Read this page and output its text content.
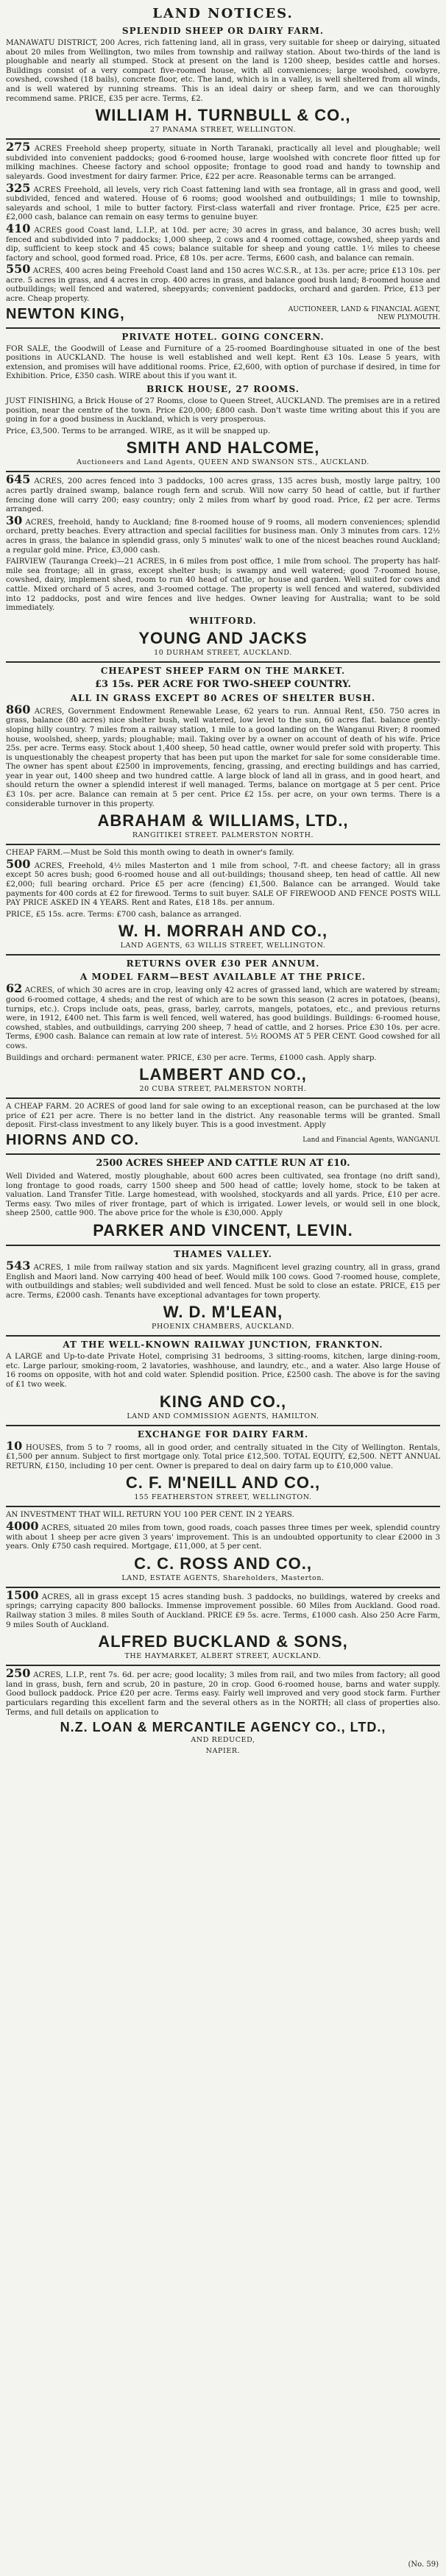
LAND NOTICES.
SPLENDID SHEEP OR DAIRY FARM.
MANAWATU DISTRICT, 200 Acres, rich fattening land, all in grass, very suitable for sheep or dairying, situated about 20 miles from Wellington, two miles from township and railway station. About two-thirds of the land is ploughable and nearly all stumped. Stock at present on the land is 1200 sheep, besides cattle and horses. Buildings consist of a very compact five-roomed house, with all conveniences; large woolshed, cowbyre, cowshed, cowshed (18 bails), concrete floor, etc. The land, which is in a valley, is well sheltered from all winds, and is well watered by running streams. This is an ideal dairy or sheep farm, and we can thoroughly recommend same. PRICE, £35 per acre. Terms, £2.
WILLIAM H. TURNBULL & CO.,
27 PANAMA STREET, WELLINGTON.
275 ACRES Freehold sheep property, situate in North Taranaki, practically all level and ploughable; well subdivided into convenient paddocks; good 6-roomed house, large woolshed with concrete floor fitted up for milking machines. Cheese factory and school opposite; frontage to good road and handy to township and saleyards. Good investment for dairy farmer. Price, £22 per acre. Reasonable terms can be arranged.
325 ACRES Freehold, all levels, very rich Coast fattening land with sea frontage, all in grass and good, well subdivided, fenced and watered. House of 6 rooms; good woolshed and outbuildings; 1 mile to township, saleyards and school, 1 mile to butter factory. First-class waterfall and river frontage. Price, £25 per acre. £2,000 cash, balance can remain on easy terms to genuine buyer.
410 ACRES good Coast land, L.I.P., at 10d. per acre; 30 acres in grass, and balance, 30 acres bush; well fenced and subdivided into 7 paddocks; 1,000 sheep, 2 cows and 4 roomed cottage, cowshed, sheep yards and dip, sufficient to keep stock and 45 cows; balance suitable for sheep and young cattle. 1½ miles to cheese factory and school, good formed road. Price, £8 10s. per acre. Terms, £600 cash, and balance can remain.
550 ACRES, 400 acres being Freehold Coast land and 150 acres W.C.S.R., at 13s. per acre; price £13 10s. per acre. 5 acres in grass, and 4 acres in crop. 400 acres in grass, and balance good bush land; 8-roomed house and outbuildings; well fenced and watered, sheepyards; convenient paddocks, orchard and garden. Price, £13 per acre. Cheap property.
NEWTON KING,	AUCTIONEER, LAND & FINANCIAL AGENT, NEW PLYMOUTH.
PRIVATE HOTEL. GOING CONCERN.
FOR SALE, the Goodwill of Lease and Furniture of a 25-roomed Boardinghouse situated in one of the best positions in AUCKLAND. The house is well established and well kept. Rent £3 10s. Lease 5 years, with extension, and promises will have additional rooms. Price, £2,600, with option of purchase if desired, in time for Exhibition. Price, £350 cash. WIRE about this if you want it.
BRICK HOUSE, 27 ROOMS.
JUST FINISHING, a Brick House of 27 Rooms, close to Queen Street, AUCKLAND. The premises are in a retired position, near the centre of the town. Price £20,000; £800 cash. Don't waste time writing about this if you are going in for a good business in Auckland, which is very prosperous.
Price, £3,500. Terms to be arranged. WIRE, as it will be snapped up.
SMITH AND HALCOME,
Auctioneers and Land Agents, QUEEN AND SWANSON STS., AUCKLAND.
645 ACRES, 200 acres fenced into 3 paddocks, 100 acres grass, 135 acres bush, mostly large paltry, 100 acres partly drained swamp, balance rough fern and scrub. Will now carry 50 head of cattle, but if further fencing done will carry 200; easy country; only 2 miles from wharf by good road. Price, £2 per acre. Terms arranged.
30 ACRES, freehold, handy to Auckland; fine 8-roomed house of 9 rooms, all modern conveniences; splendid orchard, pretty beaches. Every attraction and special facilities for business man. Only 3 minutes from cars. 12½ acres in grass, the balance in splendid grass, only 5 minutes' walk to one of the nicest beaches round Auckland; a regular gold mine. Price, £3,000 cash.
FAIRVIEW (Tauranga Creek)—21 ACRES, in 6 miles from post office, 1 mile from school. The property has half-mile sea frontage; all in grass, except shelter bush; is swampy and well watered; good 7-roomed house, cowshed, dairy, implement shed, room to run 40 head of cattle, or house and garden. Well suited for cows and cattle. Mixed orchard of 5 acres, and 3-roomed cottage. The property is well fenced and watered, subdivided into 12 paddocks, post and wire fences and live hedges. Owner leaving for Australia; want to be sold immediately.
WHITFORD.
YOUNG AND JACKS
10 DURHAM STREET, AUCKLAND.
CHEAPEST SHEEP FARM ON THE MARKET.
£3 15s. PER ACRE FOR TWO-SHEEP COUNTRY.
ALL IN GRASS EXCEPT 80 ACRES OF SHELTER BUSH.
860 ACRES, Government Endowment Renewable Lease, 62 years to run. Annual Rent, £50. 750 acres in grass, balance (80 acres) nice shelter bush, well watered, low level to the sun, 60 acres flat. balance gently-sloping hilly country. 7 miles from a railway station, 1 mile to a good landing on the Wanganui River; 8 roomed house, woolshed, sheep, yards; ploughable; mail. Taking over by a owner on account of death of his wife. Price 25s. per acre. Terms easy. Stock about 1,400 sheep, 50 head cattle, owner would prefer sold with property. This is unquestionably the cheapest property that has been put upon the market for sale for some considerable time. The owner has spent about £2500 in improvements, fencing, grassing, and erecting buildings and has carried, year in year out, 1400 sheep and two hundred cattle. A large block of land all in grass, and in good heart, and should return the owner a splendid interest if well managed. Terms, balance on mortgage at 5 per cent. Price £3 10s. per acre. Balance can remain at 5 per cent. Price £2 15s. per acre, on your own terms. There is a considerable turnover in this property.
ABRAHAM & WILLIAMS, LTD.,
RANGITIKEI STREET. PALMERSTON NORTH.
CHEAP FARM.—Must be Sold this month owing to death in owner's family.
500 ACRES, Freehold, 4½ miles Masterton and 1 mile from school, 7-ft. and cheese factory; all in grass except 50 acres bush; good 6-roomed house and all out-buildings; thousand sheep, ten head of cattle. All new £2,000; full bearing orchard. Price £5 per acre (fencing) £1,500. Balance can be arranged. Would take payments for 400 cords at £2 for firewood. Terms to suit buyer. SALE OF FIREWOOD AND FENCE POSTS WILL PAY PRICE ASKED IN 4 YEARS. Rent and Rates, £18 18s. per annum.
PRICE, £5 15s. acre. Terms: £700 cash, balance as arranged.
W. H. MORRAH AND CO.,
LAND AGENTS, 63 WILLIS STREET, WELLINGTON.
RETURNS OVER £30 PER ANNUM.
A MODEL FARM—BEST AVAILABLE AT THE PRICE.
62 ACRES, of which 30 acres are in crop, leaving only 42 acres of grassed land, which are watered by stream; good 6-roomed cottage, 4 sheds; and the rest of which are to be sown this season (2 acres in potatoes, (beans), turnips, etc.). Crops include oats, peas, grass, barley, carrots, mangels, potatoes, etc., and previous returns were, in 1912, £400 net. This farm is well fenced, well watered, has good buildings. Buildings: 6-roomed house, cowshed, stables, and outbuildings, carrying 200 sheep, 7 head of cattle, and 2 horses. Price £30 10s. per acre. Terms, £900 cash. Balance can remain at low rate of interest. 5½ ROOMS AT 5 PER CENT. Good cowshed for all cows.
Buildings and orchard: permanent water. PRICE, £30 per acre. Terms, £1000 cash. Apply sharp.
LAMBERT AND CO.,
20 CUBA STREET, PALMERSTON NORTH.
A CHEAP FARM. 20 ACRES of good land for sale owing to an exceptional reason, can be purchased at the low price of £21 per acre. There is no better land in the district. Any reasonable terms will be granted. Small deposit. First-class investment to any likely buyer. This is a good investment. Apply
HIORNS AND CO.	Land and Financial Agents, WANGANUI.
2500 ACRES SHEEP AND CATTLE RUN AT £10.
Well Divided and Watered, mostly ploughable, about 600 acres been cultivated, sea frontage (no drift sand), long frontage to good roads, carry 1500 sheep and 500 head of cattle; lovely home, stock to be taken at valuation. Land Transfer Title. Large homestead, with woolshed, stockyards and all yards. Price, £10 per acre. Terms easy. Two miles of river frontage, part of which is irrigated. Lower levels, or would sell in one block, sheep 2500, cattle 900. The above price for the whole is £30,000. Apply
PARKER AND VINCENT, LEVIN.
THAMES VALLEY.
543 ACRES, 1 mile from railway station and six yards. Magnificent level grazing country, all in grass, grand English and Maori land. Now carrying 400 head of beef. Would milk 100 cows. Good 7-roomed house, complete, with outbuildings and stables; well subdivided and well fenced. Must be sold to close an estate. PRICE, £15 per acre. Terms, £2000 cash. Tenants have exceptional advantages for town property.
W. D. M'LEAN,
PHOENIX CHAMBERS, AUCKLAND.
AT THE WELL-KNOWN RAILWAY JUNCTION, FRANKTON.
A LARGE and Up-to-date Private Hotel, comprising 31 bedrooms, 3 sitting-rooms, kitchen, large dining-room, etc. Large parlour, smoking-room, 2 lavatories, washhouse, and laundry, etc., and a water. Also large House of 16 rooms on opposite, with hot and cold water. Splendid position. Price, £2500 cash. The above is for the saving of £1 two week.
KING AND CO.,
LAND AND COMMISSION AGENTS, HAMILTON.
EXCHANGE FOR DAIRY FARM.
10 HOUSES, from 5 to 7 rooms, all in good order, and centrally situated in the City of Wellington. Rentals, £1,500 per annum. Subject to first mortgage only. Total price £12,500. TOTAL EQUITY, £2,500. NETT ANNUAL RETURN, £150, including 10 per cent. Owner is prepared to deal on dairy farm up to £10,000 value.
C. F. M'NEILL AND CO.,
155 FEATHERSTON STREET, WELLINGTON.
AN INVESTMENT THAT WILL RETURN YOU 100 PER CENT. IN 2 YEARS.
4000 ACRES, situated 20 miles from town, good roads, coach passes three times per week, splendid country with about 1 sheep per acre given 3 years' improvement. This is an undoubted opportunity to clear £2000 in 3 years. Only £750 cash required. Mortgage, £11,000, at 5 per cent.
C. C. ROSS AND CO.,
LAND, ESTATE AGENTS, Shareholders, Masterton.
1500 ACRES, all in grass except 15 acres standing bush. 3 paddocks, no buildings, watered by creeks and springs; carrying capacity 800 ballocks. Immense improvement possible. 60 Miles from Auckland. Good road. Railway station 3 miles. 8 miles South of Auckland. PRICE £9 5s. acre. Terms, £1000 cash. Also 250 Acre Farm, 9 miles South of Auckland.
ALFRED BUCKLAND & SONS,
THE HAYMARKET, ALBERT STREET, AUCKLAND.
250 ACRES, L.I.P., rent 7s. 6d. per acre; good locality; 3 miles from rail, and two miles from factory; all good land in grass, bush, fern and scrub, 20 in pasture, 20 in crop. Good 6-roomed house, barns and water supply. Good bullock paddock. Price £20 per acre. Terms easy. Fairly well improved and very good stock farm. Further particulars regarding this excellent farm and the several others as in the NORTH; all class of properties also. Terms, and full details on application to
N.Z. LOAN & MERCANTILE AGENCY CO., LTD.,
AND REDUCED,
NAPIER.
(No. 59)
